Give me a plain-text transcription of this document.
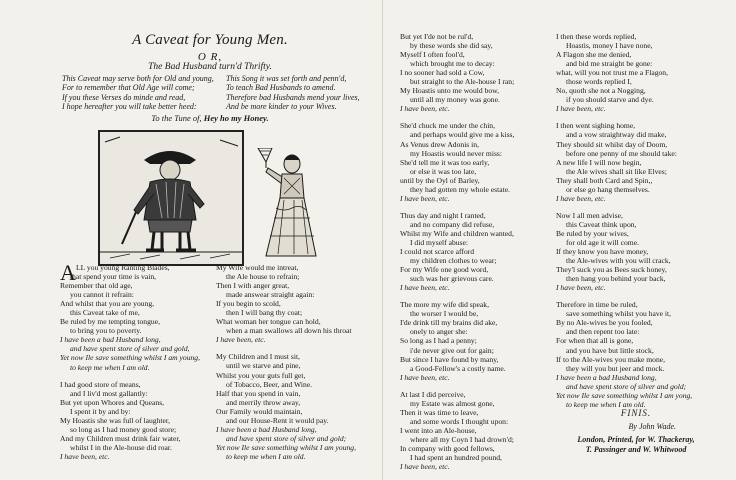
A Caveat for Young Men.
O R,
The Bad Husband turn'd Thrifty.
This Caveat may serve both for Old and young,
For to remember that Old Age will come;
If you these Verses do minde and read,
I hope hereafter you will take better heed:
This Song it was set forth and penn'd,
To teach Bad Husbands to amend.
Therefore bad Husbands mend your lives,
And be more kinder to your Wives.
To the Tune of, Hey ho my Honey.
A LL you young Ranting Blades,
that spend your time is vain,
Remember that old age,
you cannot it refrain:
And whilst that you are young,
this Caveat take of me,
Be ruled by me tempting tongue,
to bring you to poverty.
I have been a bad Husband long,
and have spent store of silver and gold,
Yet now Ile save something whilst I am young,
to keep me when I am old.
I had good store of means,
and I liv'd most gallantly:
But yet upon Whores and Queans,
I spent it by and by:
My Hoastis she was full of laughter,
so long as I had money good store;
And my Children must drink fair water,
whilst I in the Ale-house did roar.
I have been, etc.
My Wife would me intreat,
the Ale house to refrain;
Then I with anger great,
made answear straight again:
If you begin to scold,
then I will bang thy coat;
What woman her tongue can hold,
when a man swallows all down his throat
I have been, etc.
My Children and I must sit,
until we starve and pine,
Whilst you your guts full get,
of Tobacco, Beer, and Wine.
Half that you spend in vain,
and merrily throw away,
Our Family would maintain,
and our House-Rent it would pay.
I have been a bad Husband long,
and have spent store of silver and gold;
Yet now Ile save something whilst I am young,
to keep me when I am old.
But yet I'de not be rul'd,
by these words she did say,
Myself I often fool'd,
which brought me to decay:
I no sooner had sold a Cow,
but straight to the Ale-house I ran;
My Hoastis unto me would bow,
until all my money was gone.
I have been, etc.
She'd chuck me under the chin,
and perhaps would give me a kiss,
As Venus drew Adonis in,
my Hoastis would never miss:
She'd tell me it was too early,
or else it was too late,
until by the Oyl of Barley,
they had gotten my whole estate.
I have been, etc.
Thus day and night I ranted,
and no company did refuse,
Whilst my Wife and children wanted,
I did myself abuse:
I could not scarce afford
my children clothes to wear;
For my Wife one good word,
such was her grievous care.
I have been, etc.
The more my wife did speak,
the worser I would be,
I'de drink till my brains did ake,
onely to anger she:
So long as I had a penny;
i'de never give out for gain;
But since I have found by many,
a Good-Fellow's a costly name.
I have been, etc.
At last I did perceive,
my Estate was almost gone,
Then it was time to leave,
and some words I thought upon:
I went into an Ale-house,
where all my Coyn I had drown'd;
In company with good fellows,
I had spent an hundred pound,
I have been, etc.
I then these words replied,
Hoastis, money I have none,
A Flagon she me denied,
and bid me straight be gone:
what, will you not trust me a Flagon,
those words replied I,
No, quoth she not a Nogging,
if you should starve and dye.
I have been, etc.
I then went sighing home,
and a vow straightway did make,
They should sit whilst day of Doom,
before one penny of me should take:
A new life I will now begin,
the Ale wives shall sit like Elves;
They shall both Card and Spin,,
or else go hang themselves.
I have been, etc.
Now I all men advise,
this Caveat think upon,
Be ruled by your wives,
for old age it will come.
If they know you have money,
the Ale-wives with you will crack,
They'l suck you as Bees suck honey,
then hang you behind your back,
I have been, etc.
Therefore in time be ruled,
save something whilst you have it,
By no Ale-wives be you fooled,
and then repent too late:
For when that all is gone,
and you have but little stock,
If to the Ale-wives you make mone,
they will you but jeer and mock.
I have been a bad Husband long,
and have spent store of silver and gold;
Yet now Ile save something whilst I am yong,
to keep me when I am old.
FINIS.
By John Wade.
London, Printed, for W. Thackeray,
T. Passinger and W. Whitwood
